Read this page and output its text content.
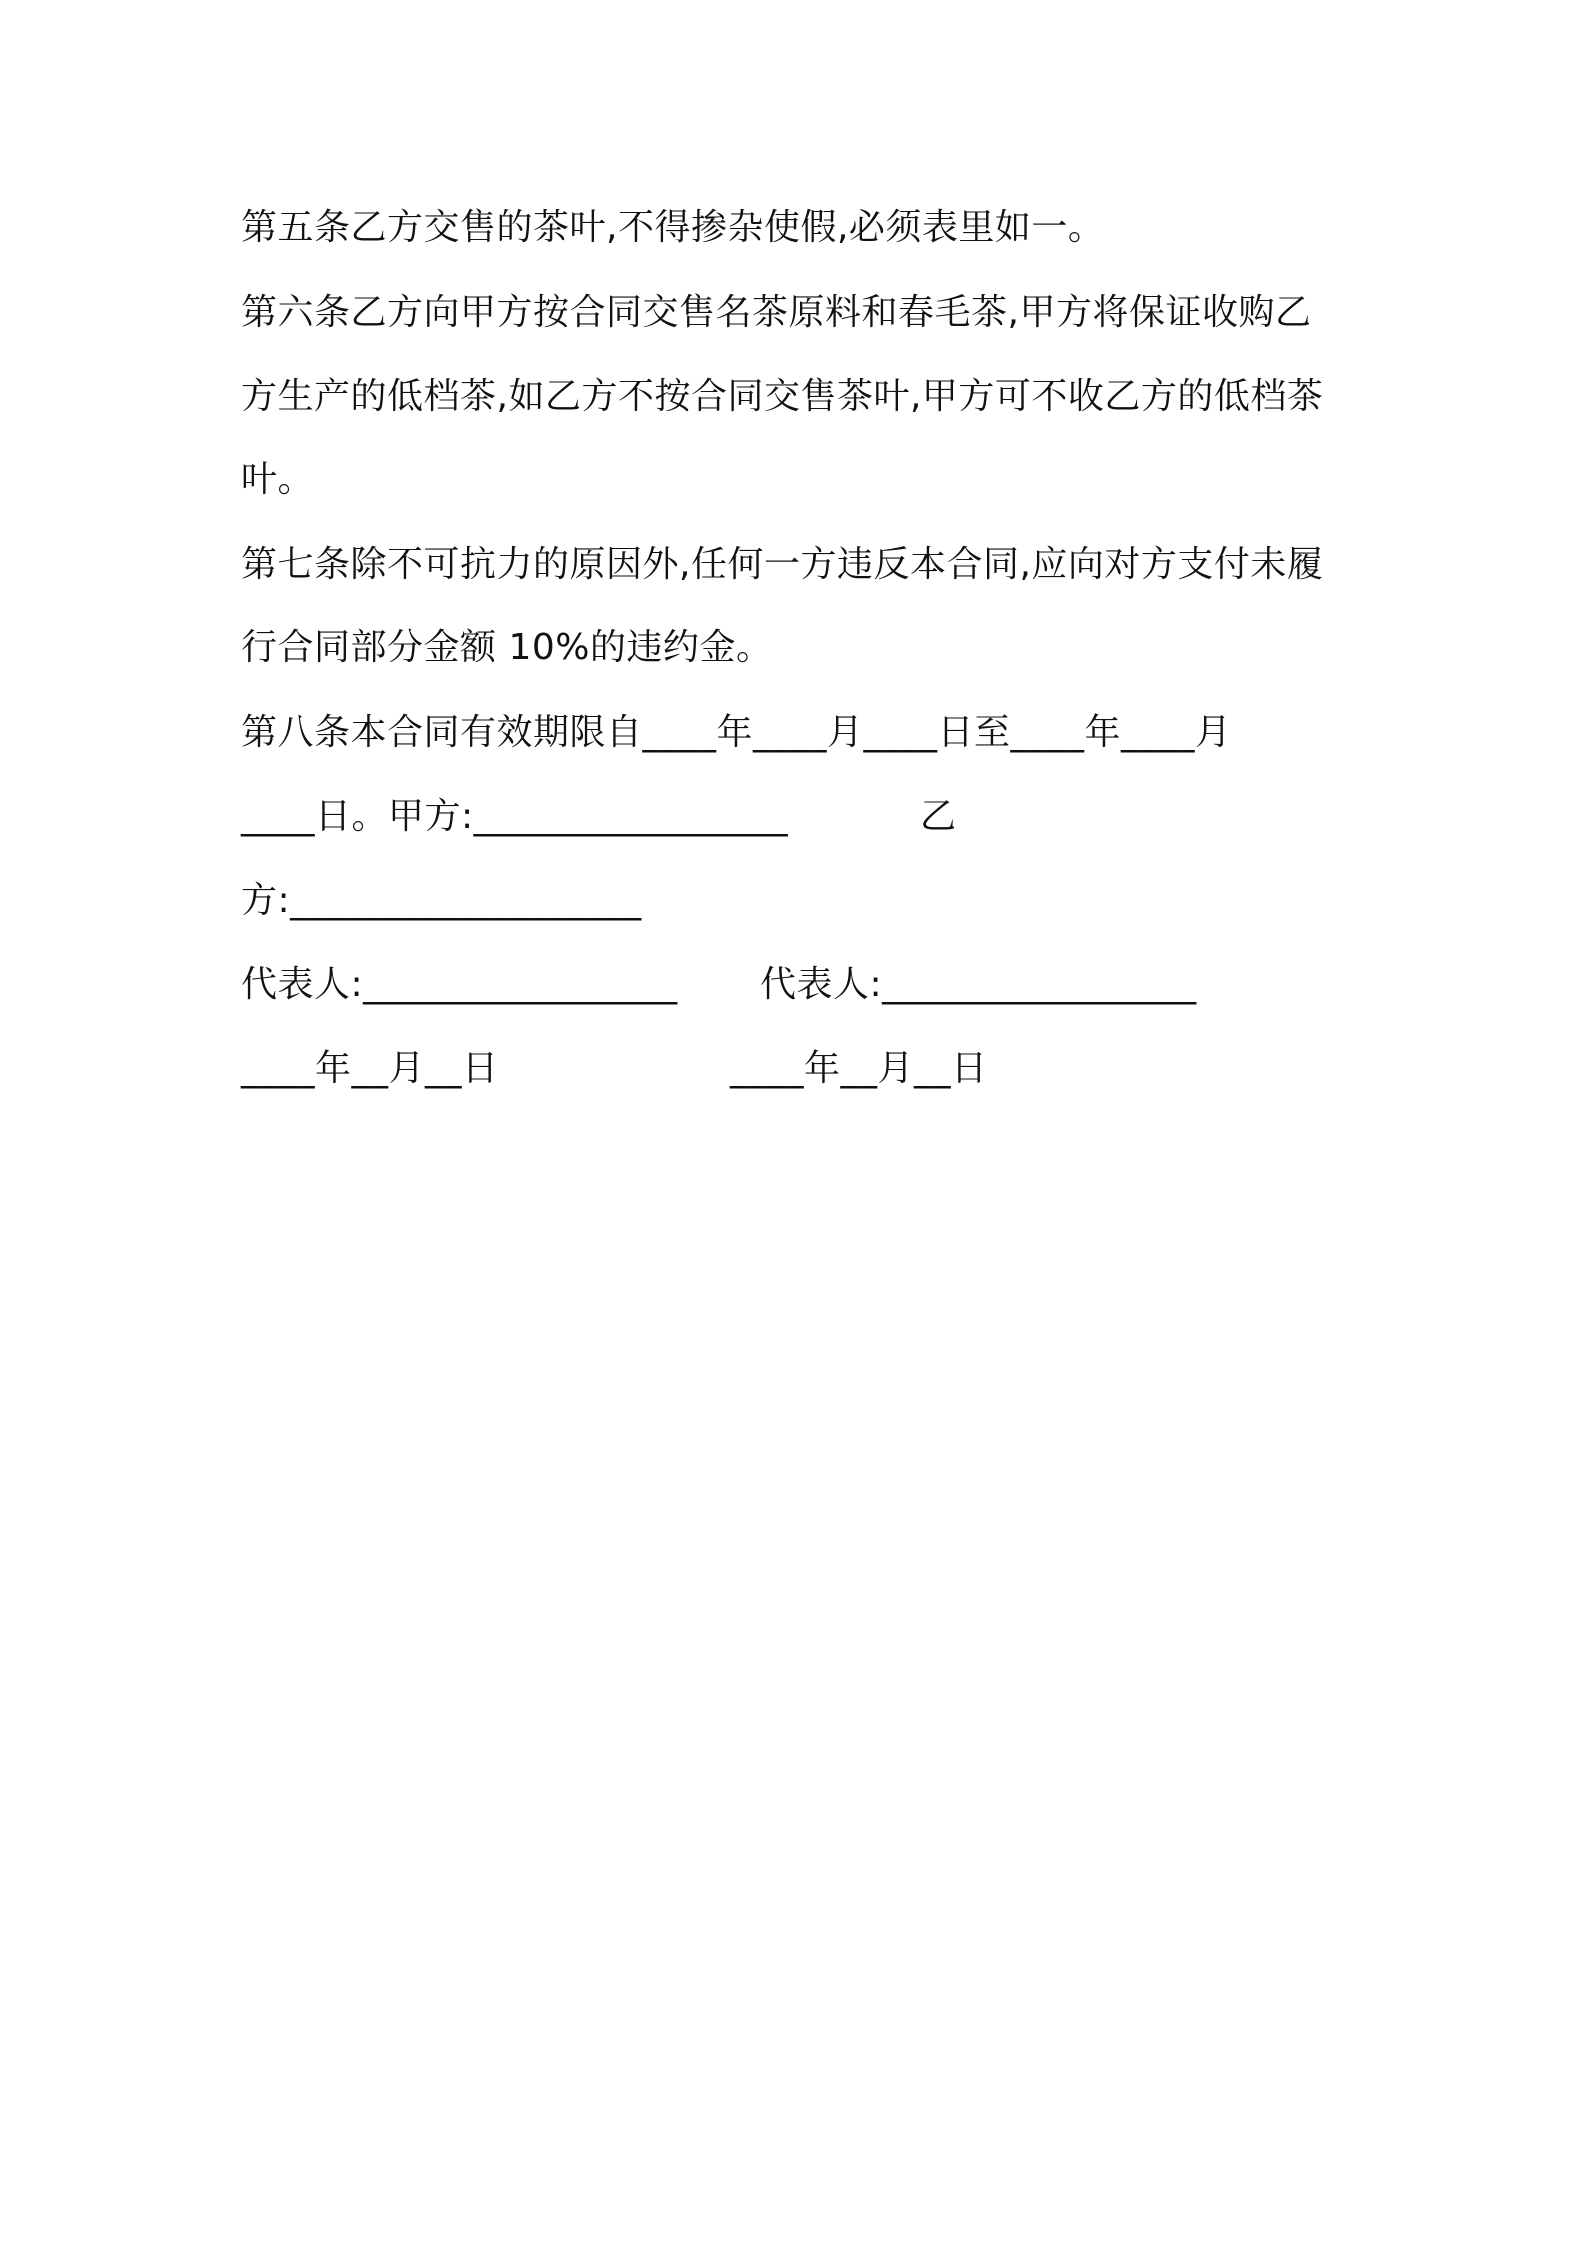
第五条乙方交售的茶叶,不得掺杂使假,必须表里如一。
第六条乙方向甲方按合同交售名茶原料和春毛茶,甲方将保证收购乙
方生产的低档茶,如乙方不按合同交售茶叶,甲方可不收乙方的低档茶
叶。
第七条除不可抗力的原因外,任何一方违反本合同,应向对方支付未履
行合同部分金额 10%的违约金。
第八条本合同有效期限自____年____月____日至____年____月
____日。甲方:_________________	乙
方:___________________
代表人:_________________ 代表人:_________________
____年__月__日	____年__月__日
